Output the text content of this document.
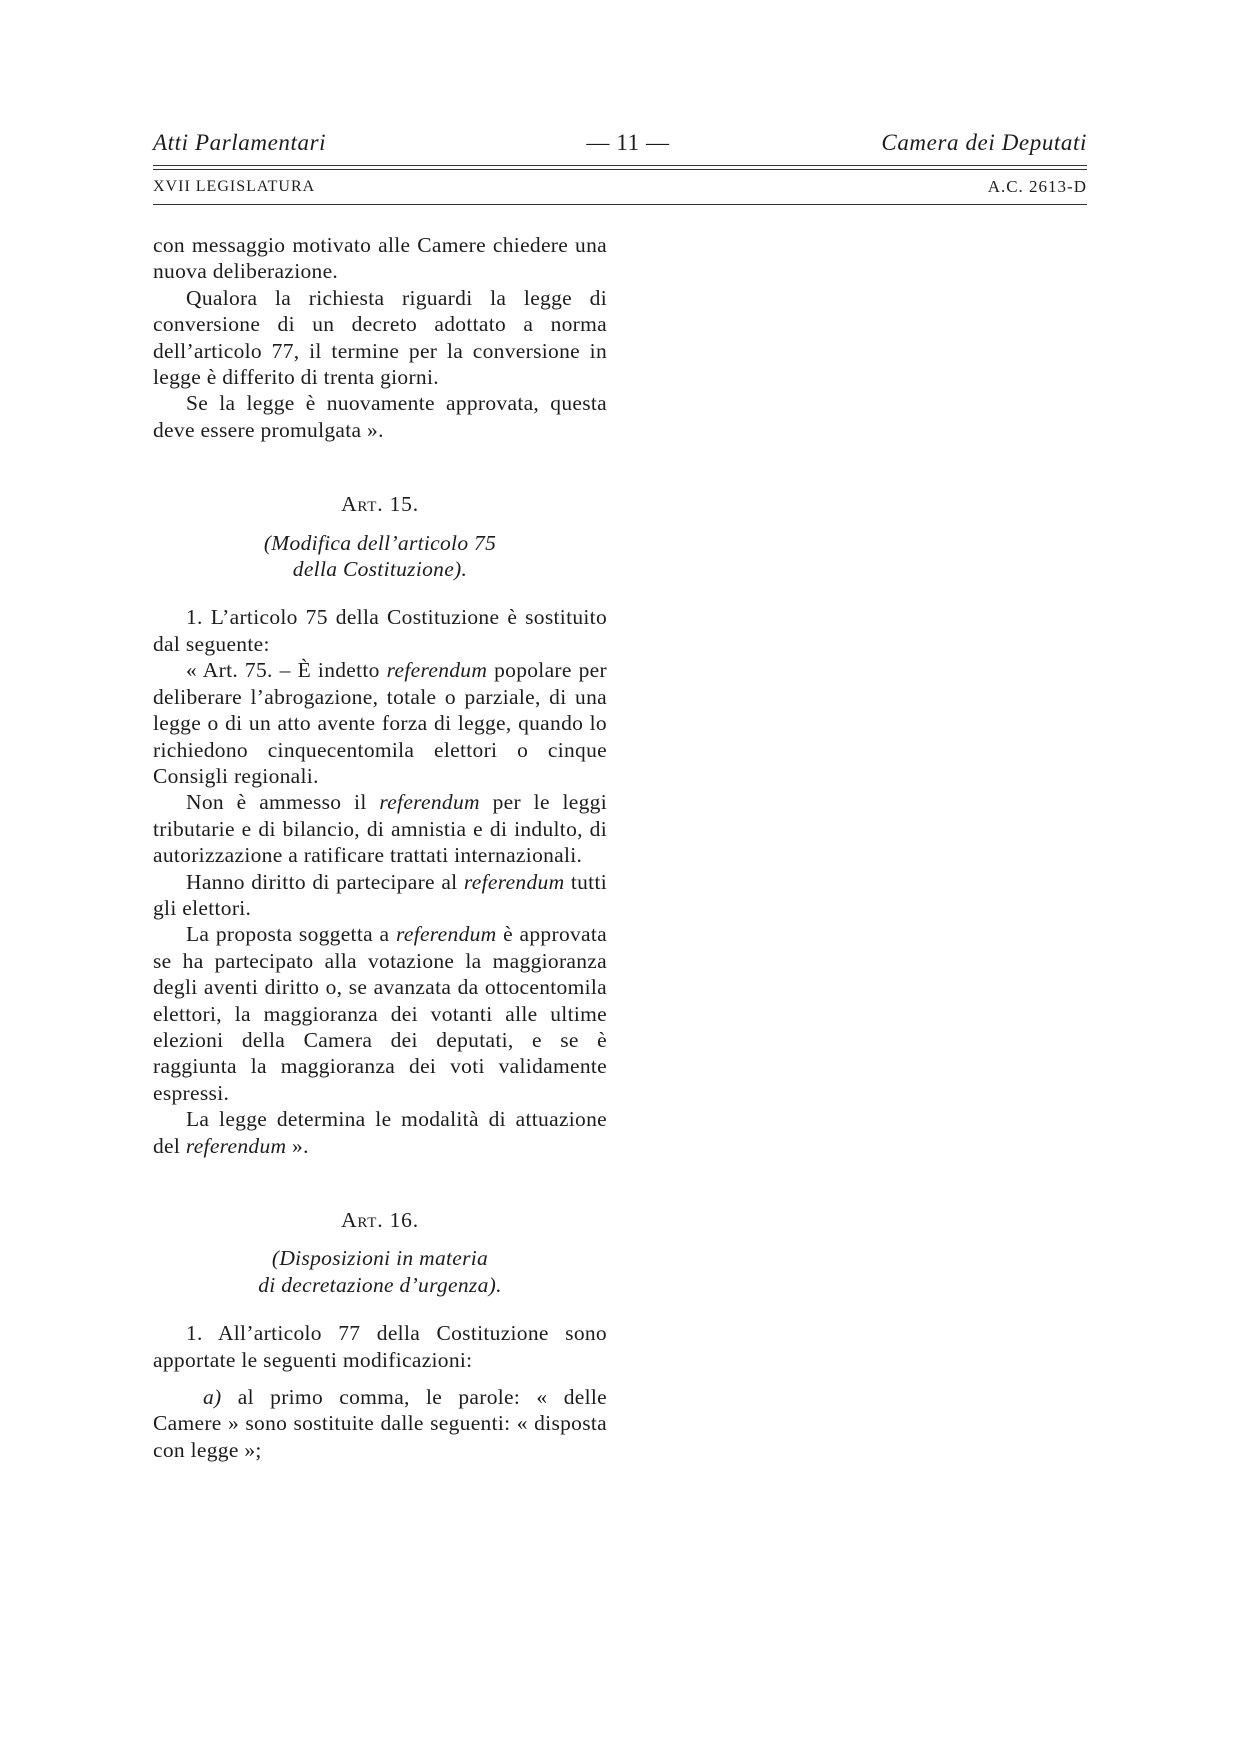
Atti Parlamentari	— 11 —	Camera dei Deputati
XVII LEGISLATURA	A.C. 2613-D

con messaggio motivato alle Camere chiedere una nuova deliberazione.

Qualora la richiesta riguardi la legge di conversione di un decreto adottato a norma dell’articolo 77, il termine per la conversione in legge è differito di trenta giorni.

Se la legge è nuovamente approvata, questa deve essere promulgata ».

Art. 15.

(Modifica dell’articolo 75

della Costituzione).

1. L’articolo 75 della Costituzione è sostituito dal seguente:

« Art. 75. – È indetto referendum popolare per deliberare l’abrogazione, totale o parziale, di una legge o di un atto avente forza di legge, quando lo richiedono cinquecentomila elettori o cinque Consigli regionali.

Non è ammesso il referendum per le leggi tributarie e di bilancio, di amnistia e di indulto, di autorizzazione a ratificare trattati internazionali.

Hanno diritto di partecipare al referendum tutti gli elettori.

La proposta soggetta a referendum è approvata se ha partecipato alla votazione la maggioranza degli aventi diritto o, se avanzata da ottocentomila elettori, la maggioranza dei votanti alle ultime elezioni della Camera dei deputati, e se è raggiunta la maggioranza dei voti validamente espressi.

La legge determina le modalità di attuazione del referendum ».

Art. 16.

(Disposizioni in materia

di decretazione d’urgenza).

1. All’articolo 77 della Costituzione sono apportate le seguenti modificazioni:

a) al primo comma, le parole: « delle Camere » sono sostituite dalle seguenti: « disposta con legge »;
